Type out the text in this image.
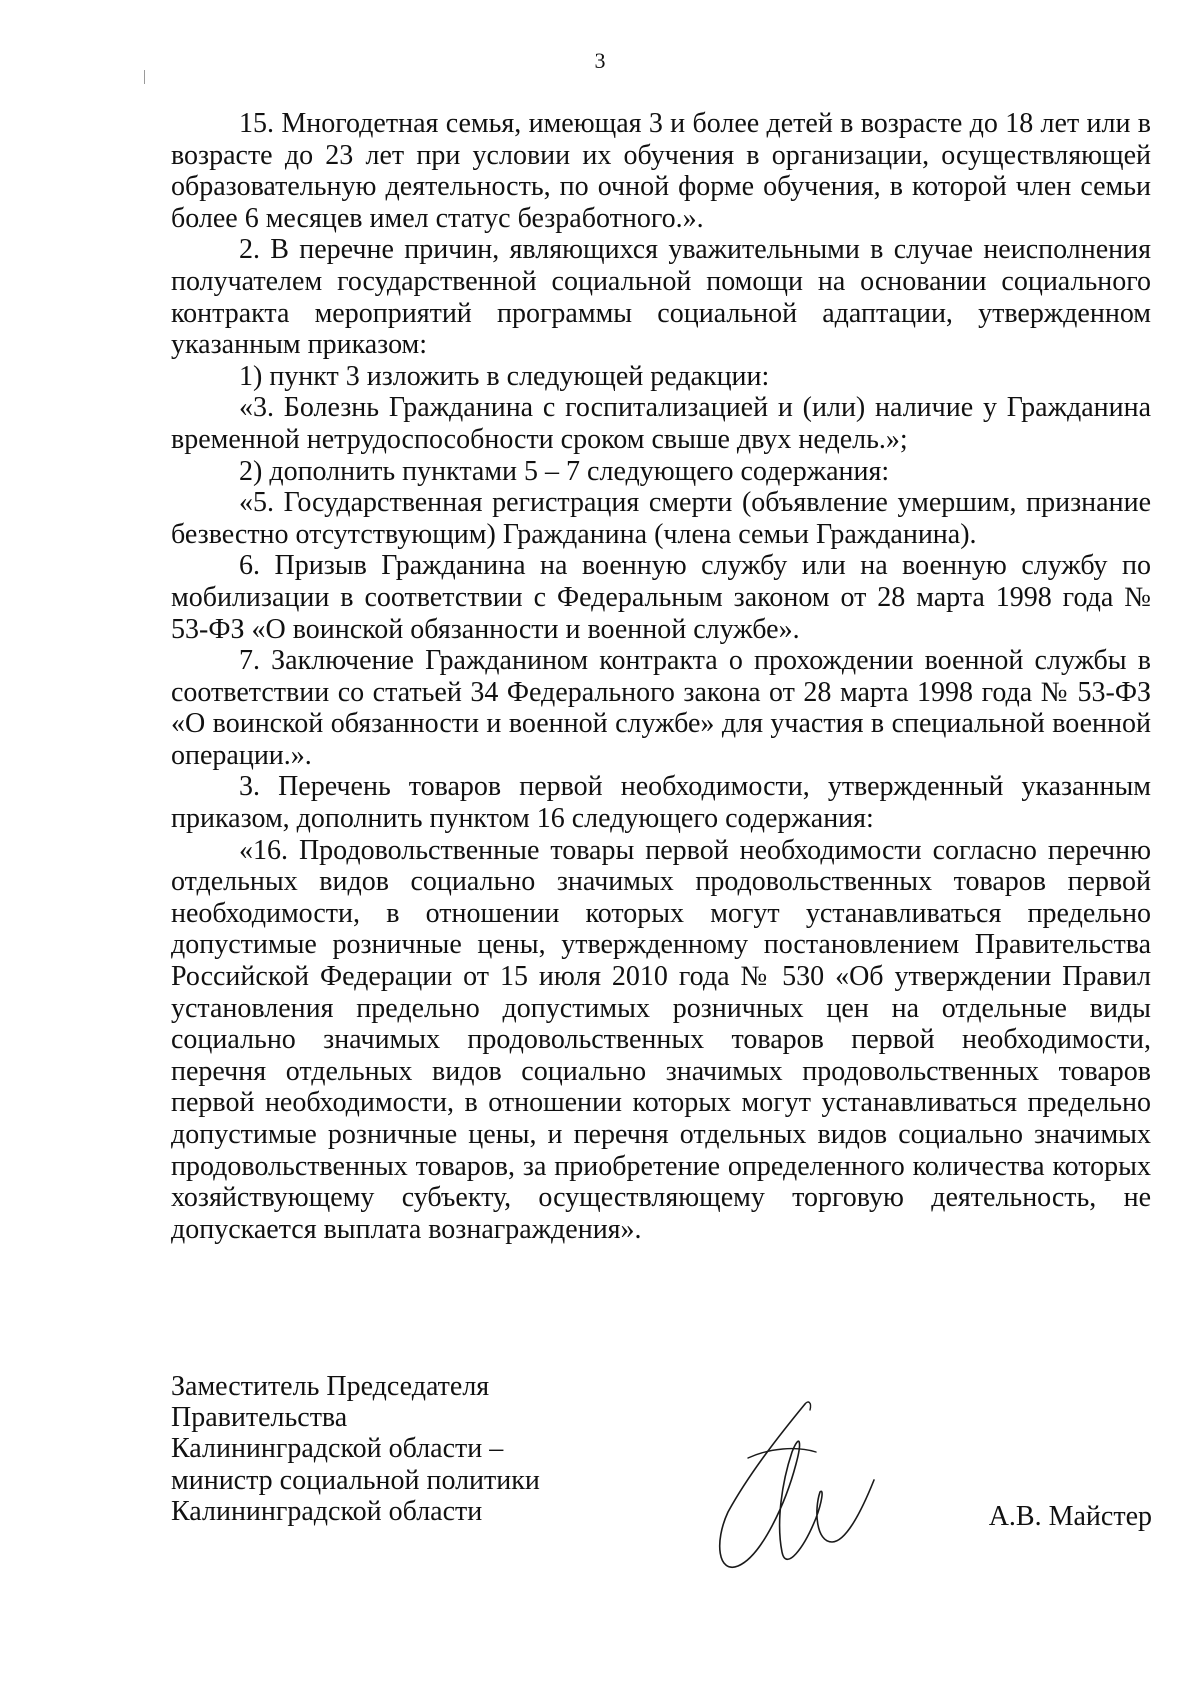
3

15. Многодетная семья, имеющая 3 и более детей в возрасте до 18 лет или в возрасте до 23 лет при условии их обучения в организации, осуществляющей образовательную деятельность, по очной форме обучения, в которой член семьи более 6 месяцев имел статус безработного.».

2. В перечне причин, являющихся уважительными в случае неисполнения получателем государственной социальной помощи на основании социального контракта мероприятий программы социальной адаптации, утвержденном указанным приказом:

1) пункт 3 изложить в следующей редакции:

«3. Болезнь Гражданина с госпитализацией и (или) наличие у Гражданина временной нетрудоспособности сроком свыше двух недель.»;

2) дополнить пунктами 5 – 7 следующего содержания:

«5. Государственная регистрация смерти (объявление умершим, признание безвестно отсутствующим) Гражданина (члена семьи Гражданина).

6. Призыв Гражданина на военную службу или на военную службу по мобилизации в соответствии с Федеральным законом от 28 марта 1998 года № 53-ФЗ «О воинской обязанности и военной службе».

7. Заключение Гражданином контракта о прохождении военной службы в соответствии со статьей 34 Федерального закона от 28 марта 1998 года № 53-ФЗ «О воинской обязанности и военной службе» для участия в специальной военной операции.».

3. Перечень товаров первой необходимости, утвержденный указанным приказом, дополнить пунктом 16 следующего содержания:

«16. Продовольственные товары первой необходимости согласно перечню отдельных видов социально значимых продовольственных товаров первой необходимости, в отношении которых могут устанавливаться предельно допустимые розничные цены, утвержденному постановлением Правительства Российской Федерации от 15 июля 2010 года № 530 «Об утверждении Правил установления предельно допустимых розничных цен на отдельные виды социально значимых продовольственных товаров первой необходимости, перечня отдельных видов социально значимых продовольственных товаров первой необходимости, в отношении которых могут устанавливаться предельно допустимые розничные цены, и перечня отдельных видов социально значимых продовольственных товаров, за приобретение определенного количества которых хозяйствующему субъекту, осуществляющему торговую деятельность, не допускается выплата вознаграждения».

Заместитель Председателя
Правительства
Калининградской области –
министр социальной политики
Калининградской области	А.В. Майстер
